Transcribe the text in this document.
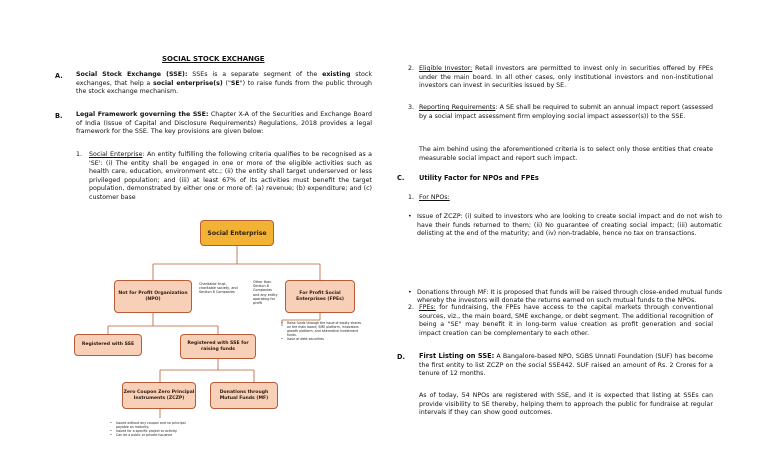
SOCIAL STOCK EXCHANGE
A. Social Stock Exchange (SSE): SSEs is a separate segment of the existing stock exchanges, that help a social enterprise(s) ("SE") to raise funds from the public through the stock exchange mechanism.

B. Legal Framework governing the SSE: Chapter X-A of the Securities and Exchange Board of India (Issue of Capital and Disclosure Requirements) Regulations, 2018 provides a legal framework for the SSE. The key provisions are given below:

1. Social Enterprise: An entity fulfilling the following criteria qualifies to be recognised as a 'SE': (i) The entity shall be engaged in one or more of the eligible activities such as health care, education, environment etc.; (ii) the entity shall target underserved or less privileged population; and (iii) at least 67% of its activities must benefit the target population, demonstrated by either one or more of: (a) revenue; (b) expenditure; and (c) customer base

Social Enterprise
Not for Profit Organization (NPO)
Charitable trust, charitable society, and Section 8 Companies
Other than Section 8 Companies and any entity operating for profit
For Profit Social Enterprises (FPEs)

• Raise funds through the issue of equity shares on the main board, SME platform, innovators growth platform, and alternative investment funds.

• Issue of debt securities

Registered with SSE	Registered with SSE for raising funds
Zero Coupon Zero Principal Instruments (ZCZP)
Donations through Mutual Funds (MF)

• Issued without any coupon and no principal payable on maturity.

• Issued for a specific project or activity.

• Can be a public or private issuance

2. Eligible Investor: Retail investors are permitted to invest only in securities offered by FPEs under the main board. In all other cases, only institutional investors and non-institutional investors can invest in securities issued by SE.

3. Reporting Requirements: A SE shall be required to submit an annual impact report (assessed by a social impact assessment firm employing social impact assessor(s)) to the SSE.

The aim behind using the aforementioned criteria is to select only those entities that create measurable social impact and report such impact.

C. Utility Factor for NPOs and FPEs
1. For NPOs:

• Issue of ZCZP: (i) suited to investors who are looking to create social impact and do not wish to have their funds returned to them; (ii) No guarantee of creating social impact; (iii) automatic delisting at the end of the maturity; and (iv) non-tradable, hence no tax on transactions.

• Donations through MF: It is proposed that funds will be raised through close-ended mutual funds whereby the investors will donate the returns earned on such mutual funds to the NPOs.

2. FPEs: for fundraising, the FPEs have access to the capital markets through conventional sources, viz., the main board, SME exchange, or debt segment. The additional recognition of being a "SE" may benefit it in long-term value creation as profit generation and social impact creation can be complementary to each other.

D. First Listing on SSE: A Bangalore-based NPO, SGBS Unnati Foundation (SUF) has become the first entity to list ZCZP on the social SSE442. SUF raised an amount of Rs. 2 Crores for a tenure of 12 months.

As of today, 54 NPOs are registered with SSE, and it is expected that listing at SSEs can provide visibility to SE thereby, helping them to approach the public for fundraise at regular intervals if they can show good outcomes.
